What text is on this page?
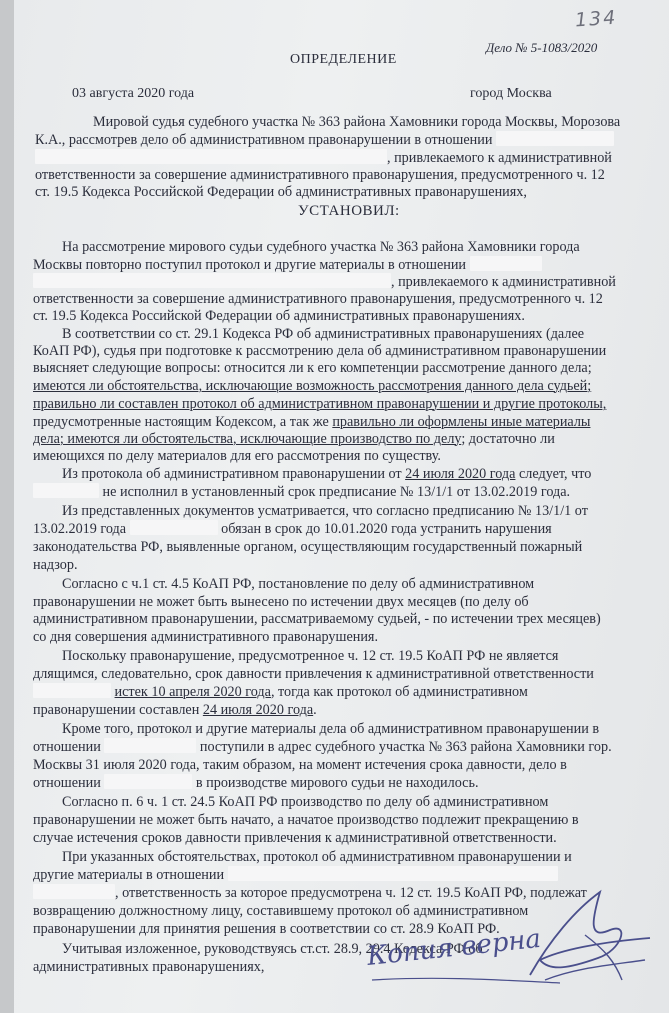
134
Дело № 5-1083/2020
ОПРЕДЕЛЕНИЕ
03 августа 2020 года	город Москва
Мировой судья судебного участка № 363 района Хамовники города Москвы, Морозова
К.А., рассмотрев дело об административном правонарушении в отношении
, привлекаемого к административной
ответственности за совершение административного правонарушения, предусмотренного ч. 12
ст. 19.5 Кодекса Российской Федерации об административных правонарушениях,
УСТАНОВИЛ:
На рассмотрение мирового судьи судебного участка № 363 района Хамовники города
Москвы повторно поступил протокол и другие материалы в отношении
, привлекаемого к административной
ответственности за совершение административного правонарушения, предусмотренного ч. 12
ст. 19.5 Кодекса Российской Федерации об административных правонарушениях.
В соответствии со ст. 29.1 Кодекса РФ об административных правонарушениях (далее
КоАП РФ), судья при подготовке к рассмотрению дела об административном правонарушении
выясняет следующие вопросы: относится ли к его компетенции рассмотрение данного дела;
имеются ли обстоятельства, исключающие возможность рассмотрения данного дела судьей;
правильно ли составлен протокол об административном правонарушении и другие протоколы,
предусмотренные настоящим Кодексом, а так же правильно ли оформлены иные материалы
дела; имеются ли обстоятельства, исключающие производство по делу; достаточно ли
имеющихся по делу материалов для его рассмотрения по существу.
Из протокола об административном правонарушении от 24 июля 2020 года следует, что
не исполнил в установленный срок предписание № 13/1/1 от 13.02.2019 года.
Из представленных документов усматривается, что согласно предписанию № 13/1/1 от
13.02.2019 года	обязан в срок до 10.01.2020 года устранить нарушения
законодательства РФ, выявленные органом, осуществляющим государственный пожарный
надзор.
Согласно с ч.1 ст. 4.5 КоАП РФ, постановление по делу об административном
правонарушении не может быть вынесено по истечении двух месяцев (по делу об
административном правонарушении, рассматриваемому судьей, - по истечении трех месяцев)
со дня совершения административного правонарушения.
Поскольку правонарушение, предусмотренное ч. 12 ст. 19.5 КоАП РФ не является
длящимся, следовательно, срок давности привлечения к административной ответственности
истек 10 апреля 2020 года, тогда как протокол об административном
правонарушении составлен 24 июля 2020 года.
Кроме того, протокол и другие материалы дела об административном правонарушении в
отношении	поступили в адрес судебного участка № 363 района Хамовники гор.
Москвы 31 июля 2020 года, таким образом, на момент истечения срока давности, дело в
отношении	в производстве мирового судьи не находилось.
Согласно п. 6 ч. 1 ст. 24.5 КоАП РФ производство по делу об административном
правонарушении не может быть начато, а начатое производство подлежит прекращению в
случае истечения сроков давности привлечения к административной ответственности.
При указанных обстоятельствах, протокол об административном правонарушении и
другие материалы в отношении
, ответственность за которое предусмотрена ч. 12 ст. 19.5 КоАП РФ, подлежат
возвращению должностному лицу, составившему протокол об административном
правонарушении для принятия решения в соответствии со ст. 28.9 КоАП РФ.
Учитывая изложенное, руководствуясь ст.ст. 28.9, 29.4 Кодекса РФ об
административных правонарушениях,	Копия верна
